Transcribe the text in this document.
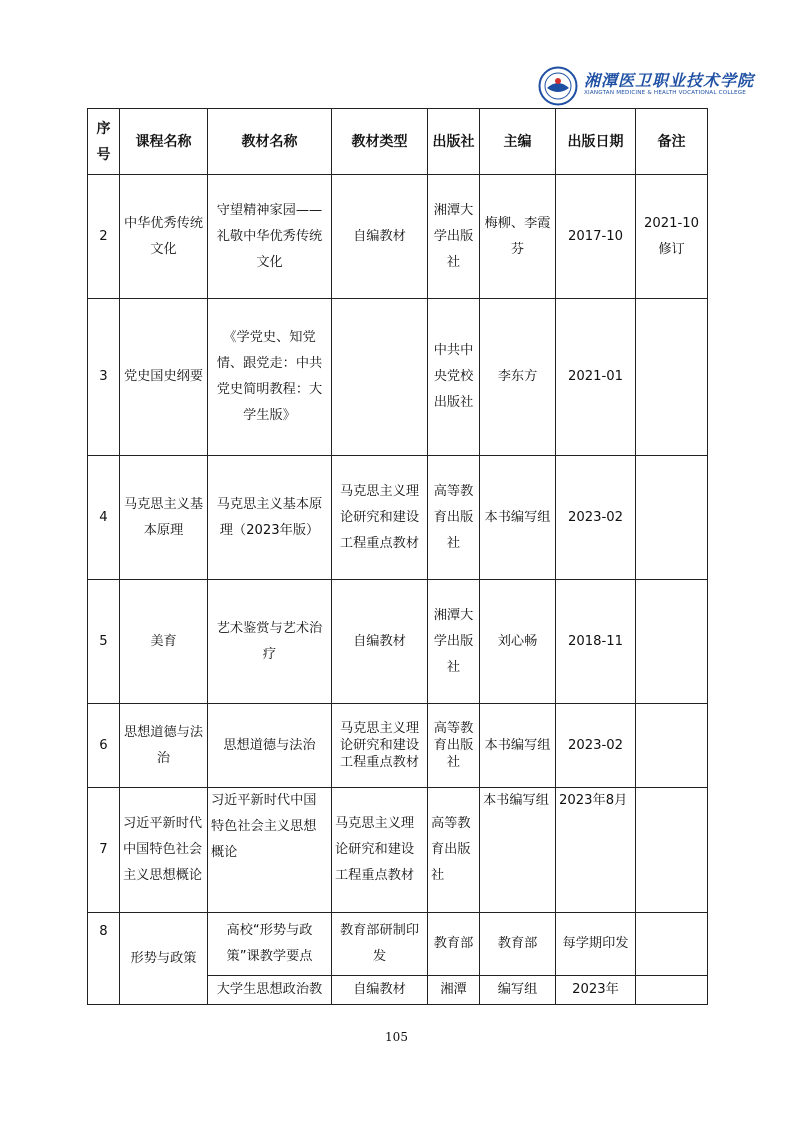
湘潭医卫职业技术学院
XIANGTAN MEDICINE & HEALTH VOCATIONAL COLLEGE
序号	课程名称	教材名称	教材类型	出版社	主编	出版日期	备注
2	中华优秀传统文化	守望精神家园——礼敬中华优秀传统文化	自编教材	湘潭大学出版社	梅柳、李霞芬	2017-10	2021-10修订
3	党史国史纲要	《学党史、知党情、跟党走：中共党史简明教程：大学生版》		中共中央党校出版社	李东方	2021-01	
4	马克思主义基本原理	马克思主义基本原理（2023年版）	马克思主义理论研究和建设工程重点教材	高等教育出版社	本书编写组	2023-02	
5	美育	艺术鉴赏与艺术治疗	自编教材	湘潭大学出版社	刘心畅	2018-11	
6	思想道德与法治	思想道德与法治	马克思主义理论研究和建设工程重点教材	高等教育出版社	本书编写组	2023-02	
7	习近平新时代中国特色社会主义思想概论	习近平新时代中国特色社会主义思想概论	马克思主义理论研究和建设工程重点教材	高等教育出版社	本书编写组	2023年8月	
8	形势与政策	高校“形势与政策”课教学要点	教育部研制印发	教育部	教育部	每学期印发	
		大学生思想政治教	自编教材	湘潭	编写组	2023年	
105
